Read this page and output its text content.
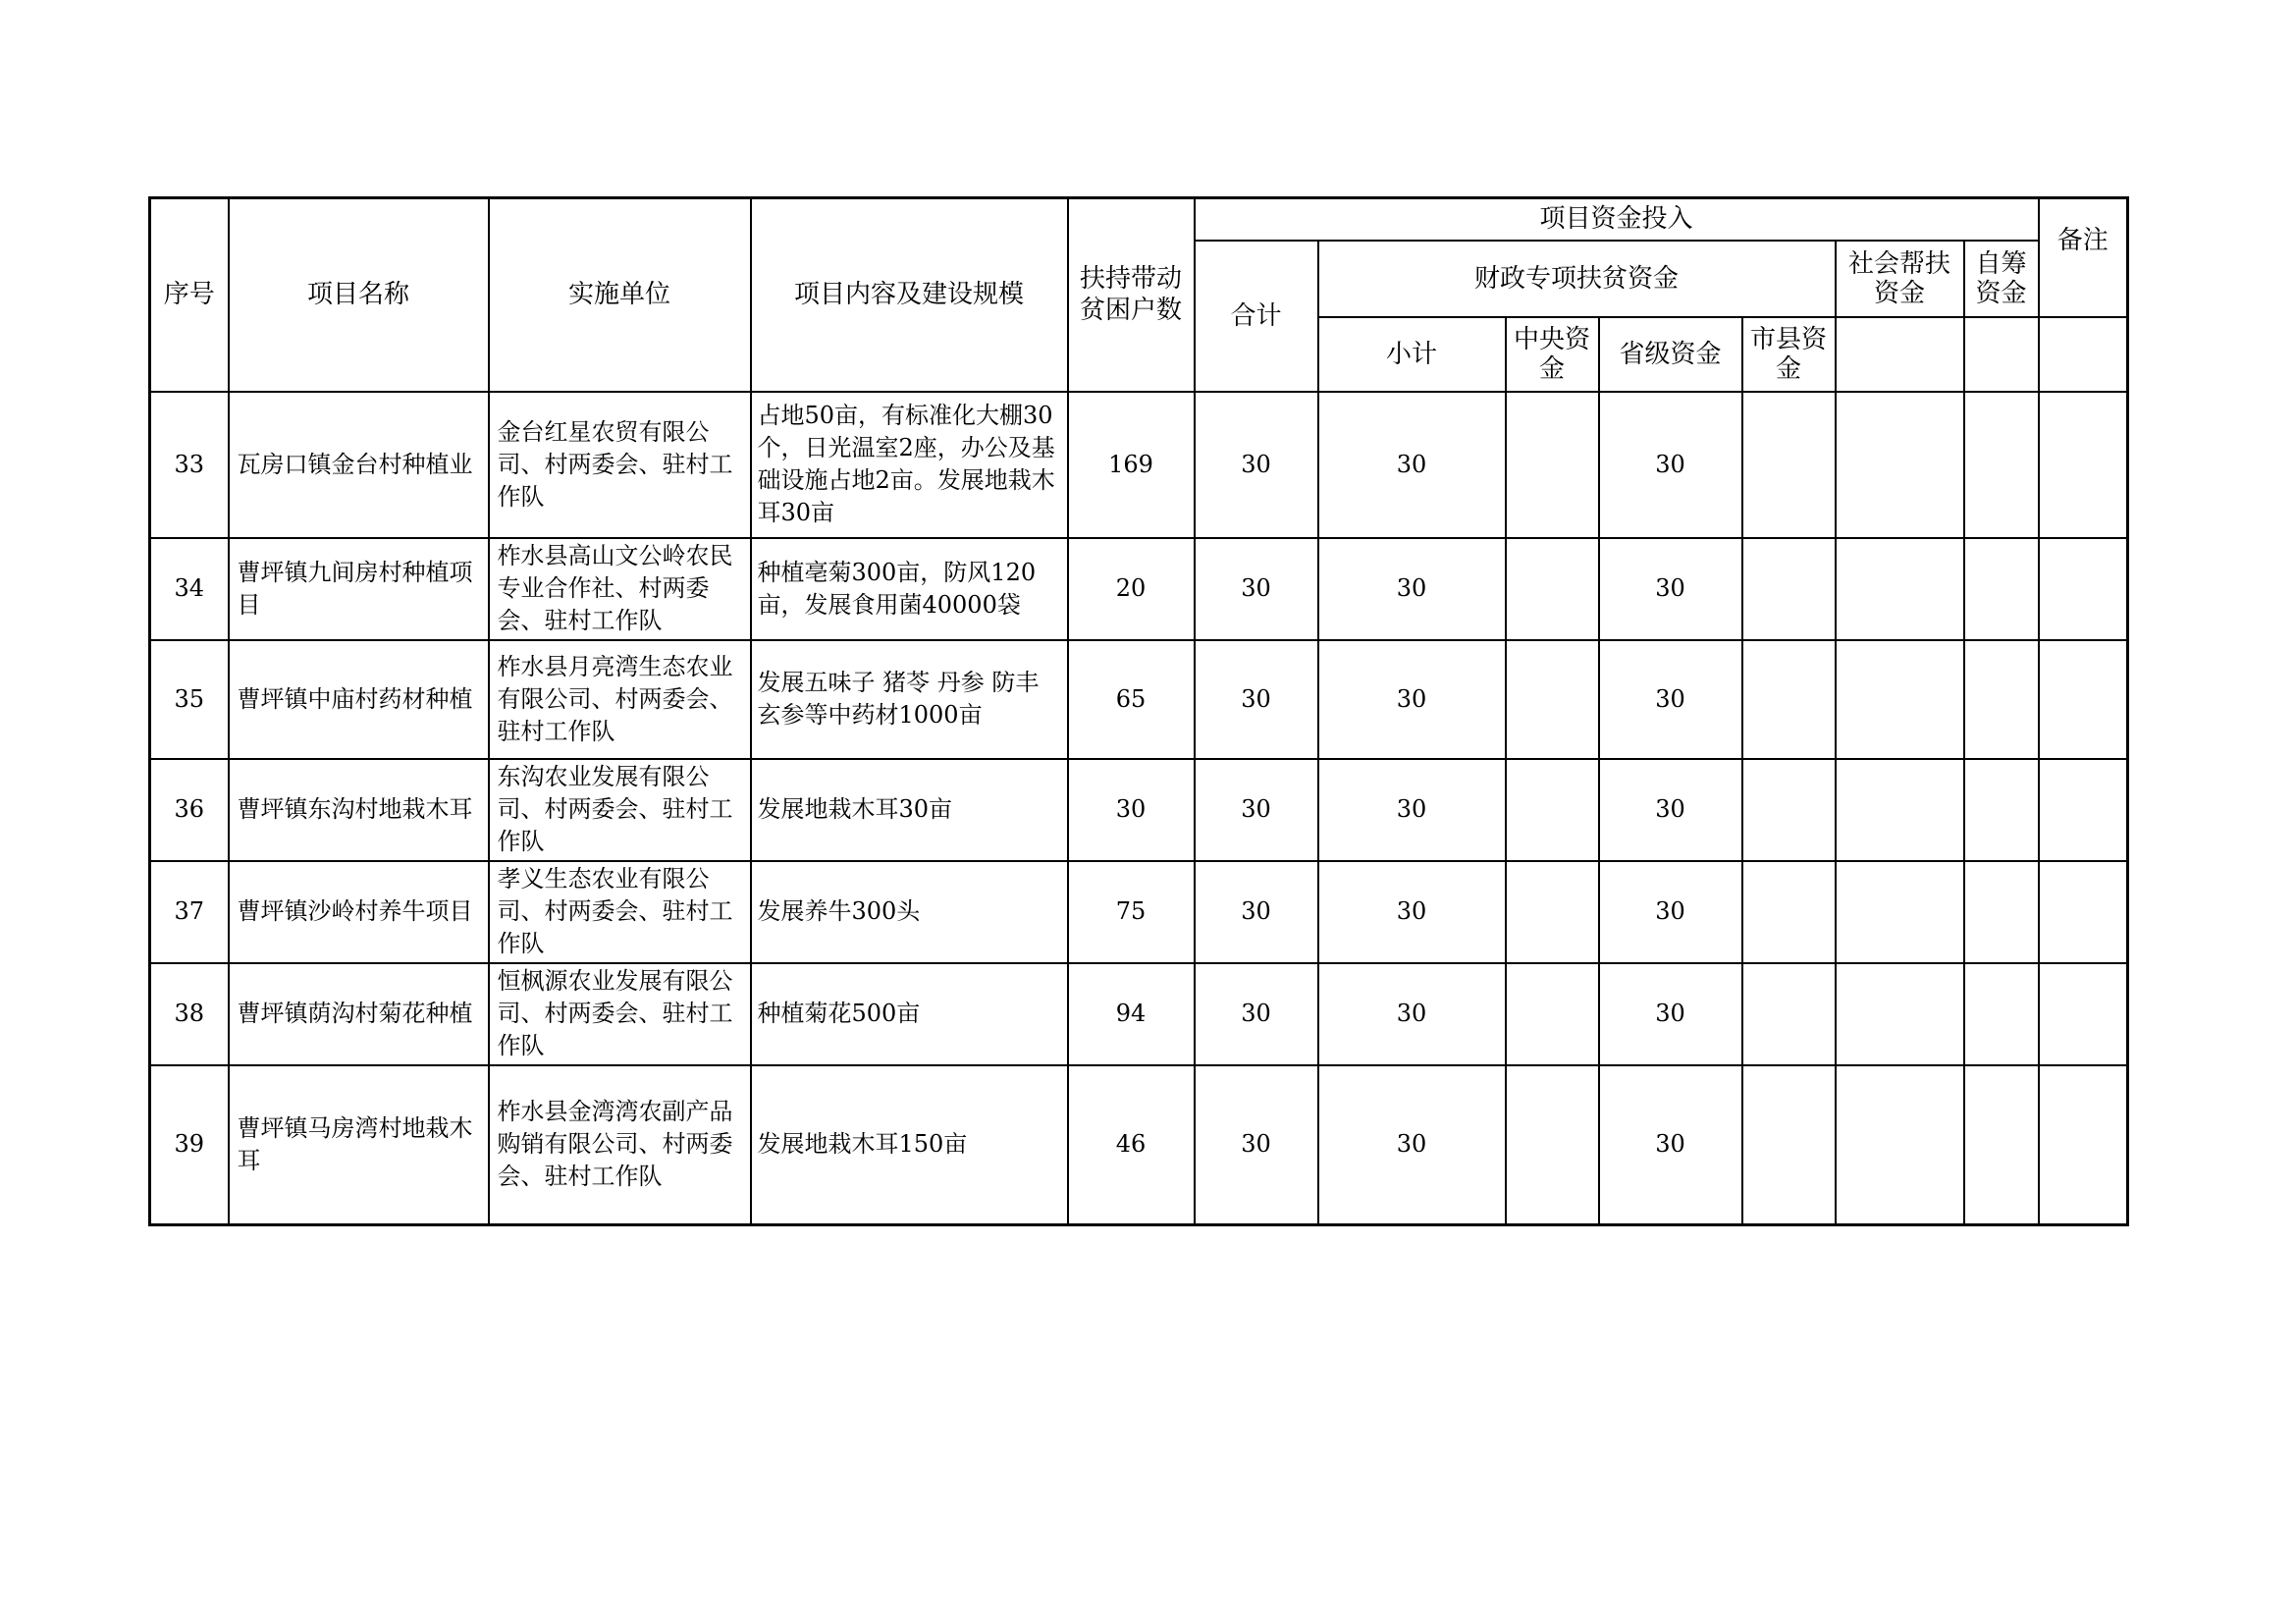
序号	项目名称	实施单位	项目内容及建设规模	扶持带动贫困户数	项目资金投入							备注
					合计	财政专项扶贫资金				社会帮扶资金	自筹资金	
						小计	中央资金	省级资金	市县资金			
33	瓦房口镇金台村种植业	金台红星农贸有限公司、村两委会、驻村工作队	占地50亩，有标准化大棚30个，日光温室2座，办公及基础设施占地2亩。发展地栽木耳30亩	169	30	30		30				
34	曹坪镇九间房村种植项目	柞水县高山文公岭农民专业合作社、村两委会、驻村工作队	种植亳菊300亩，防风120亩，发展食用菌40000袋	20	30	30		30				
35	曹坪镇中庙村药材种植	柞水县月亮湾生态农业有限公司、村两委会、驻村工作队	发展五味子 猪苓 丹参 防丰 玄参等中药材1000亩	65	30	30		30				
36	曹坪镇东沟村地栽木耳	东沟农业发展有限公司、村两委会、驻村工作队	发展地栽木耳30亩	30	30	30		30				
37	曹坪镇沙岭村养牛项目	孝义生态农业有限公司、村两委会、驻村工作队	发展养牛300头	75	30	30		30				
38	曹坪镇荫沟村菊花种植	恒枫源农业发展有限公司、村两委会、驻村工作队	种植菊花500亩	94	30	30		30				
39	曹坪镇马房湾村地栽木耳	柞水县金湾湾农副产品购销有限公司、村两委会、驻村工作队	发展地栽木耳150亩	46	30	30		30				
